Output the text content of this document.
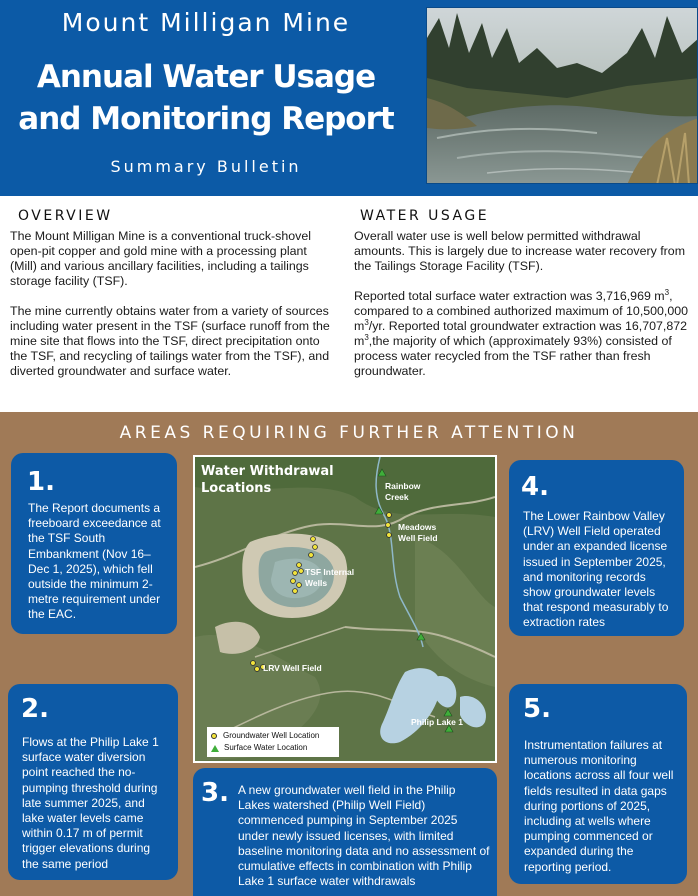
Mount Milligan Mine
Annual Water Usage
and Monitoring Report
Summary Bulletin
OVERVIEW

The Mount Milligan Mine is a conventional truck-shovel open-pit copper and gold mine with a processing plant (Mill) and various ancillary facilities, including a tailings storage facility (TSF).

The mine currently obtains water from a variety of sources including water present in the TSF (surface runoff from the mine site that flows into the TSF, direct precipitation onto the TSF, and recycling of tailings water from the TSF), and diverted groundwater and surface water.

WATER USAGE

Overall water use is well below permitted withdrawal amounts. This is largely due to increase water recovery from the Tailings Storage Facility (TSF).

Reported total surface water extraction was 3,716,969 $m^3$, compared to a combined authorized maximum of 10,500,000 $m^3/yr$. Reported total groundwater extraction was 16,707,872 $m^3,the$ majority of which (approximately 93%) consisted of process water recycled from the TSF rather than fresh groundwater.

AREAS REQUIRING FURTHER ATTENTION
1.
The Report documents a freeboard exceedance at the TSF South Embankment (Nov 16–Dec 1, 2025), which fell outside the minimum 2-metre requirement under the EAC.
2.
Flows at the Philip Lake 1 surface water diversion point reached the no-pumping threshold during late summer 2025, and lake water levels came within 0.17 m of permit trigger elevations during the same period
3. A new groundwater well field in the Philip Lakes watershed (Philip Well Field) commenced pumping in September 2025 under newly issued licenses, with limited baseline monitoring data and no assessment of cumulative effects in combination with Philip Lake 1 surface water withdrawals
4.
The Lower Rainbow Valley (LRV) Well Field operated under an expanded license issued in September 2025, and monitoring records show groundwater levels that respond measurably to extraction rates
5.
Instrumentation failures at numerous monitoring locations across all four well fields resulted in data gaps during portions of 2025, including at wells where pumping commenced or expanded during the reporting period.
Water Withdrawal
Locations	Rainbow
Creek
Meadows
Well Field
TSF Internal
Wells
LRV Well Field
Philip Lake 1
Groundwater Well Location
Surface Water Location
